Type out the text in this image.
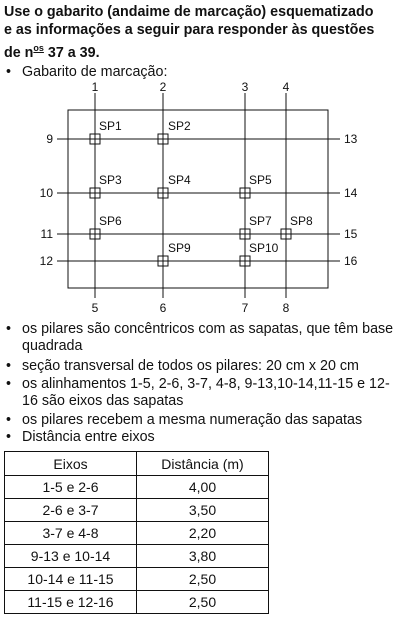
Use o gabarito (andaime de marcação) esquematizado
e as informações a seguir para responder às questões
de $n^{os}$ 37 a 39.
• Gabarito de marcação:
1	2	3	4
5	6	7	8
9
10
11
12
13
14
15
16
SP1	SP2
SP3	SP4	SP5
SP6	SP7 SP8
SP9	SP10
• os pilares são concêntricos com as sapatas, que têm base quadrada
• seção transversal de todos os pilares: 20 cm x 20 cm
• os alinhamentos 1-5, 2-6, 3-7, 4-8, 9-13,10-14,11-15 e 12-16 são eixos das sapatas
• os pilares recebem a mesma numeração das sapatas
• Distância entre eixos
Eixos	Distância (m)
1-5 e 2-6	4,00
2-6 e 3-7	3,50
3-7 e 4-8	2,20
9-13 e 10-14	3,80
10-14 e 11-15	2,50
11-15 e 12-16	2,50
